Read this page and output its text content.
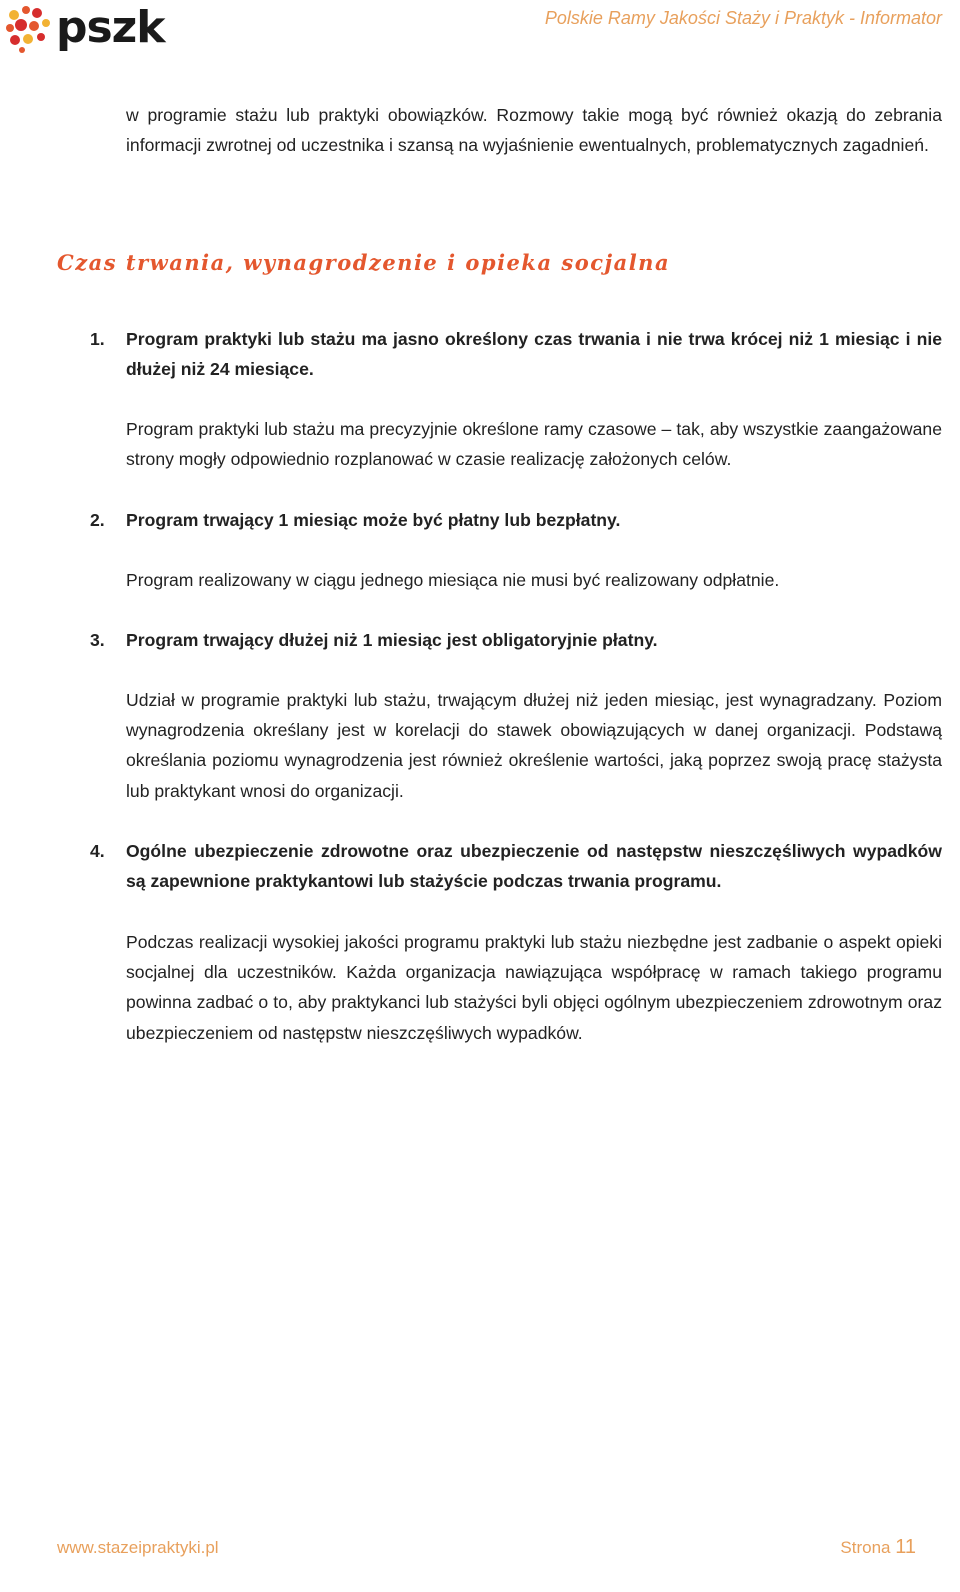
pszk	Polskie Ramy Jakości Staży i Praktyk - Informator
w programie stażu lub praktyki obowiązków. Rozmowy takie mogą być również okazją do zebrania informacji zwrotnej od uczestnika i szansą na wyjaśnienie ewentualnych, problematycznych zagadnień.
Czas trwania, wynagrodzenie i opieka socjalna
1.	Program praktyki lub stażu ma jasno określony czas trwania i nie trwa krócej niż 1 miesiąc i nie dłużej niż 24 miesiące.
Program praktyki lub stażu ma precyzyjnie określone ramy czasowe – tak, aby wszystkie zaangażowane strony mogły odpowiednio rozplanować w czasie realizację założonych celów.
2.	Program trwający 1 miesiąc może być płatny lub bezpłatny.
Program realizowany w ciągu jednego miesiąca nie musi być realizowany odpłatnie.
3.	Program trwający dłużej niż 1 miesiąc jest obligatoryjnie płatny.
Udział w programie praktyki lub stażu, trwającym dłużej niż jeden miesiąc, jest wynagradzany. Poziom wynagrodzenia określany jest w korelacji do stawek obowiązujących w danej organizacji. Podstawą określania poziomu wynagrodzenia jest również określenie wartości, jaką poprzez swoją pracę stażysta lub praktykant wnosi do organizacji.
4.	Ogólne ubezpieczenie zdrowotne oraz ubezpieczenie od następstw nieszczęśliwych wypadków są zapewnione praktykantowi lub stażyście podczas trwania programu.
Podczas realizacji wysokiej jakości programu praktyki lub stażu niezbędne jest zadbanie o aspekt opieki socjalnej dla uczestników. Każda organizacja nawiązująca współpracę w ramach takiego programu powinna zadbać o to, aby praktykanci lub stażyści byli objęci ogólnym ubezpieczeniem zdrowotnym oraz ubezpieczeniem od następstw nieszczęśliwych wypadków.
www.stazeipraktyki.pl	Strona 11
